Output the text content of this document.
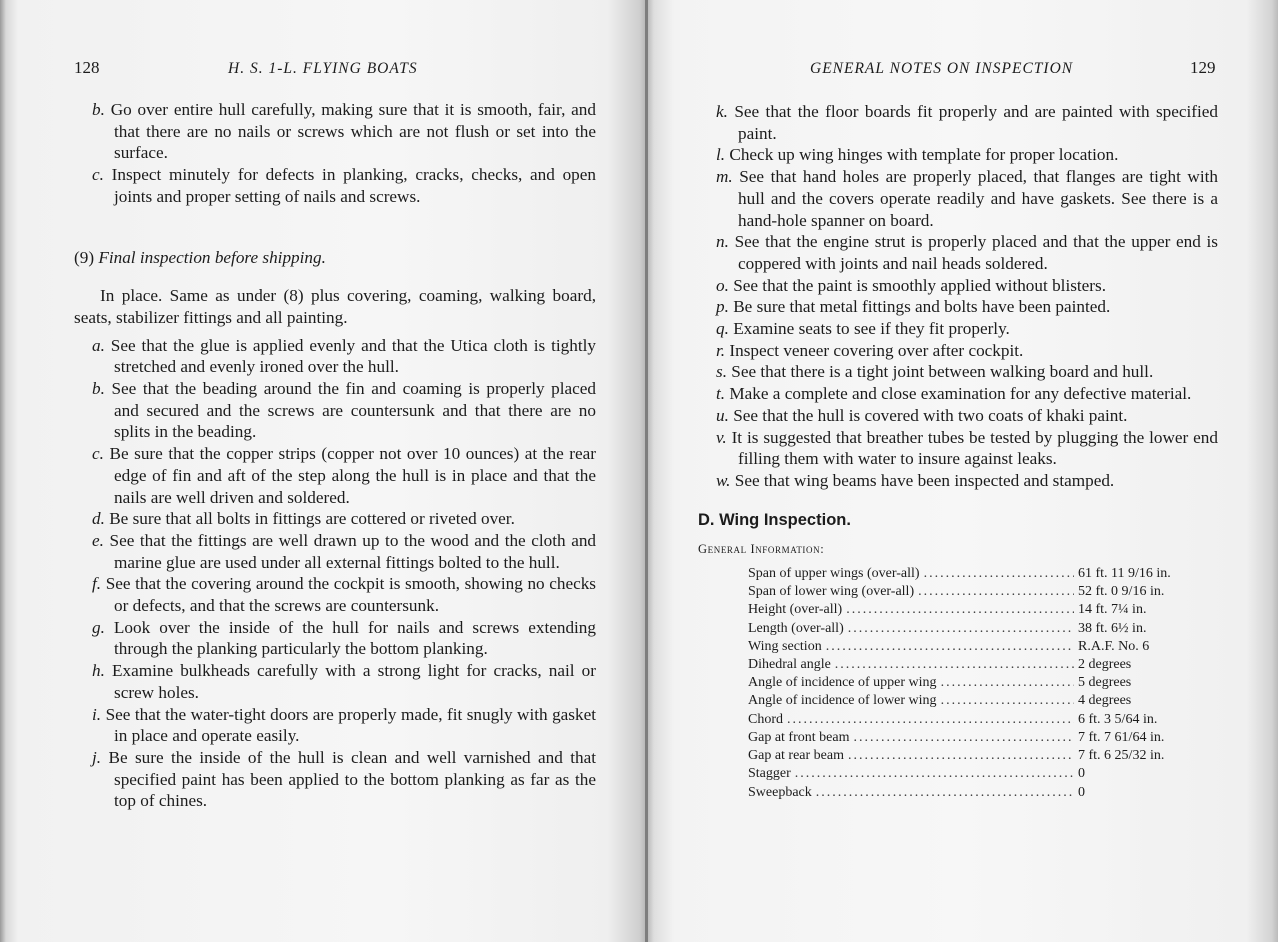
128	H. S. 1-L. FLYING BOATS
b. Go over entire hull carefully, making sure that it is smooth, fair, and that there are no nails or screws which are not flush or set into the surface.
c. Inspect minutely for defects in planking, cracks, checks, and open joints and proper setting of nails and screws.
(9) Final inspection before shipping.
In place. Same as under (8) plus covering, coaming, walking board, seats, stabilizer fittings and all painting.
a. See that the glue is applied evenly and that the Utica cloth is tightly stretched and evenly ironed over the hull.
b. See that the beading around the fin and coaming is properly placed and secured and the screws are countersunk and that there are no splits in the beading.
c. Be sure that the copper strips (copper not over 10 ounces) at the rear edge of fin and aft of the step along the hull is in place and that the nails are well driven and soldered.
d. Be sure that all bolts in fittings are cottered or riveted over.
e. See that the fittings are well drawn up to the wood and the cloth and marine glue are used under all external fittings bolted to the hull.
f. See that the covering around the cockpit is smooth, showing no checks or defects, and that the screws are countersunk.
g. Look over the inside of the hull for nails and screws extending through the planking particularly the bottom planking.
h. Examine bulkheads carefully with a strong light for cracks, nail or screw holes.
i. See that the water-tight doors are properly made, fit snugly with gasket in place and operate easily.
j. Be sure the inside of the hull is clean and well varnished and that specified paint has been applied to the bottom planking as far as the top of chines.
GENERAL NOTES ON INSPECTION	129
k. See that the floor boards fit properly and are painted with specified paint.
l. Check up wing hinges with template for proper location.
m. See that hand holes are properly placed, that flanges are tight with hull and the covers operate readily and have gaskets. See there is a hand-hole spanner on board.
n. See that the engine strut is properly placed and that the upper end is coppered with joints and nail heads soldered.
o. See that the paint is smoothly applied without blisters.
p. Be sure that metal fittings and bolts have been painted.
q. Examine seats to see if they fit properly.
r. Inspect veneer covering over after cockpit.
s. See that there is a tight joint between walking board and hull.
t. Make a complete and close examination for any defective material.
u. See that the hull is covered with two coats of khaki paint.
v. It is suggested that breather tubes be tested by plugging the lower end filling them with water to insure against leaks.
w. See that wing beams have been inspected and stamped.
D. Wing Inspection.
General Information:
Span of upper wings (over-all) .....	61 ft. 11 9/16 in.
Span of lower wing (over-all) .....	52 ft. 0 9/16 in.
Height (over-all) .....	14 ft. 7¼ in.
Length (over-all) .....	38 ft. 6½ in.
Wing section .....	R.A.F. No. 6
Dihedral angle .....	2 degrees
Angle of incidence of upper wing .....	5 degrees
Angle of incidence of lower wing .....	4 degrees
Chord .....	6 ft. 3 5/64 in.
Gap at front beam .....	7 ft. 7 61/64 in.
Gap at rear beam .....	7 ft. 6 25/32 in.
Stagger .....	0
Sweepback .....	0
